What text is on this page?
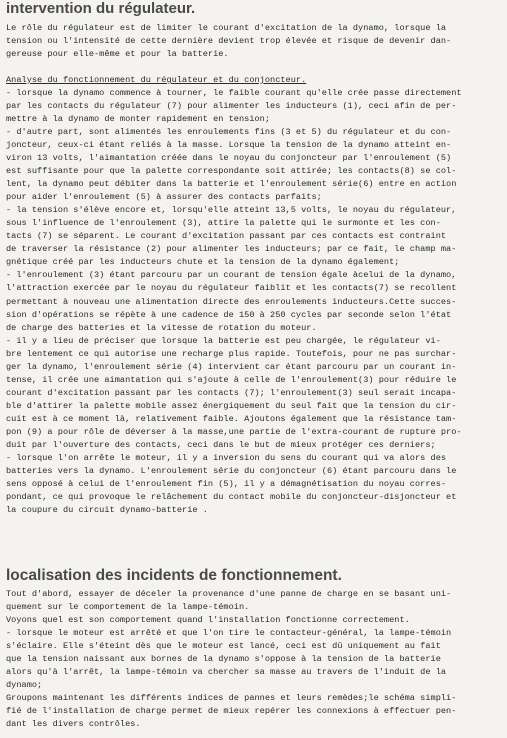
intervention du régulateur.
Le rôle du régulateur est de limiter le courant d'excitation de la dynamo, lorsque la
tension ou l'intensité de cette dernière devient trop élevée et risque de devenir dan-
gereuse pour elle-même et pour la batterie.
Analyse du fonctionnement du régulateur et du conjoncteur.
- lorsque la dynamo commence à tourner, le faible courant qu'elle crée passe directement
par les contacts du régulateur (7) pour alimenter les inducteurs (1), ceci afin de per-
mettre à la dynamo de monter rapidement en tension;
- d'autre part, sont alimentés les enroulements fins (3 et 5) du régulateur et du con-
joncteur, ceux-ci étant reliés à la masse. Lorsque la tension de la dynamo atteint en-
viron 13 volts, l'aimantation créée dans le noyau du conjoncteur par l'enroulement (5)
est suffisante pour que la palette correspondante soit attirée; les contacts(8) se col-
lent, la dynamo peut débiter dans la batterie et l'enroulement série(6) entre en action
pour aider l'enroulement (5) à assurer des contacts parfaits;
- la tension s'élève encore et, lorsqu'elle atteint 13,5 volts, le noyau du régulateur,
sous l'influence de l'enroulement (3), attire la palette qui le surmonte et les con-
tacts (7) se séparent. Le courant d'excitation passant par ces contacts est contraint
de traverser la résistance (2) pour alimenter les inducteurs; par ce fait, le champ ma-
gnétique créé par les inducteurs chute et la tension de la dynamo également;
- l'enroulement (3) étant parcouru par un courant de tension égale àcelui de la dynamo,
l'attraction exercée par le noyau du régulateur faiblit et les contacts(7) se recollent
permettant à nouveau une alimentation directe des enroulements inducteurs.Cette succes-
sion d'opérations se répète à une cadence de 150 à 250 cycles par seconde selon l'état
de charge des batteries et la vitesse de rotation du moteur.
- il y a lieu de préciser que lorsque la batterie est peu chargée, le régulateur vi-
bre lentement ce qui autorise une recharge plus rapide. Toutefois, pour ne pas surchar-
ger la dynamo, l'enroulement série (4) intervient car étant parcouru par un courant in-
tense, il crée une aimantation qui s'ajoute à celle de l'enroulement(3) pour réduire le
courant d'excitation passant par les contacts (7); l'enroulement(3) seul serait incapa-
ble d'attirer la palette mobile assez énergiquement du seul fait que la tension du cir-
cuit est à ce moment là, relativement faible. Ajoutons également que la résistance tam-
pon (9) a pour rôle de déverser à la masse,une partie de l'extra-courant de rupture pro-
duit par l'ouverture des contacts, ceci dans le but de mieux protéger ces derniers;
- lorsque l'on arrête le moteur, il y a inversion du sens du courant qui va alors des
batteries vers la dynamo. L'enroulement série du conjoncteur (6) étant parcouru dans le
sens opposé à celui de l'enroulement fin (5), il y a démagnétisation du noyau corres-
pondant, ce qui provoque le relâchement du contact mobile du conjoncteur-disjoncteur et
la coupure du circuit dynamo-batterie .
localisation des incidents de fonctionnement.
Tout d'abord, essayer de déceler la provenance d'une panne de charge en se basant uni-
quement sur le comportement de la lampe-témoin.
Voyons quel est son comportement quand l'installation fonctionne correctement.
- lorsque le moteur est arrêté et que l'on tire le contacteur-général, la lampe-témoin
s'éclaire. Elle s'éteint dès que le moteur est lancé, ceci est dû uniquement au fait
que la tension naissant aux bornes de la dynamo s'oppose à la tension de la batterie
alors qu'à l'arrêt, la lampe-témoin va chercher sa masse au travers de l'induit de la
dynamo;
Groupons maintenant les différents indices de pannes et leurs remèdes;le schéma simpli-
fié de l'installation de charge permet de mieux repérer les connexions à effectuer pen-
dant les divers contrôles.
